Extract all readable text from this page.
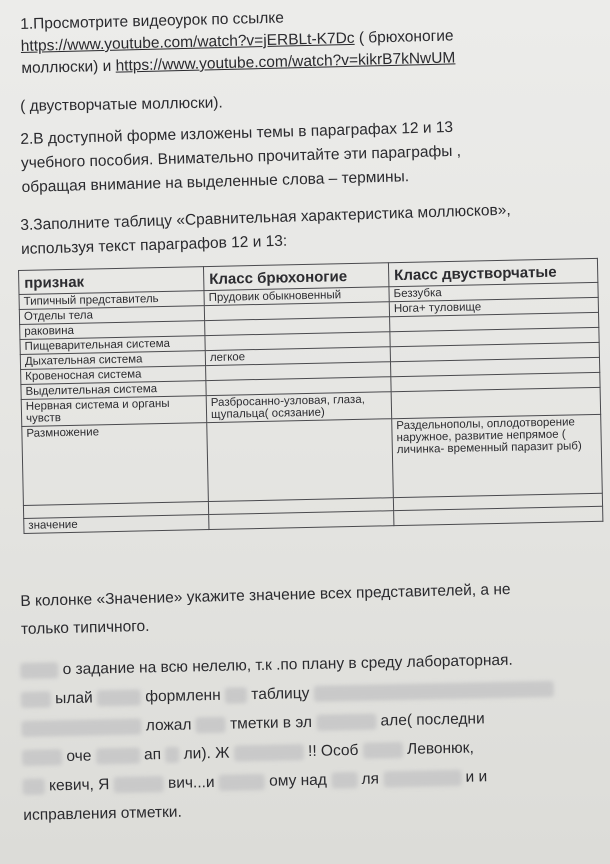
1.Просмотрите видеоурок по ссылке
https://www.youtube.com/watch?v=jERBLt-K7Dc ( брюхоногие
моллюски) и https://www.youtube.com/watch?v=kikrB7kNwUM
( двустворчатые моллюски).
2.В доступной форме изложены темы в параграфах 12 и 13
учебного пособия. Внимательно прочитайте эти параграфы ,
обращая внимание на выделенные слова – термины.
3.Заполните таблицу «Сравнительная характеристика моллюсков»,
используя текст параграфов 12 и 13:
признак	Класс брюхоногие	Класс двустворчатые
Типичный представитель	Прудовик обыкновенный	Беззубка
Отделы тела		Нога+ туловище
раковина		
Пищеварительная система		
Дыхательная система	легкое	
Кровеносная система		
Выделительная система		
Нервная система и органы чувств	Разбросанно-узловая, глаза, щупальца( осязание)	
Размножение		Раздельнополы, оплодотворение наружное, развитие непрямое ( личинка- временный паразит рыб)

значение		
В колонке «Значение» укажите значение всех представителей, а не
только типичного.
о задание на всю нелелю, т.к .по плану в среду лабораторная.
ылай	формленн таблицу
ложал тметки в эл	але( последни
оче	ап ли). Ж	!! Особ	Левонюк,
кевич, Я	вич...и	ому над ля	и и
исправления отметки.
